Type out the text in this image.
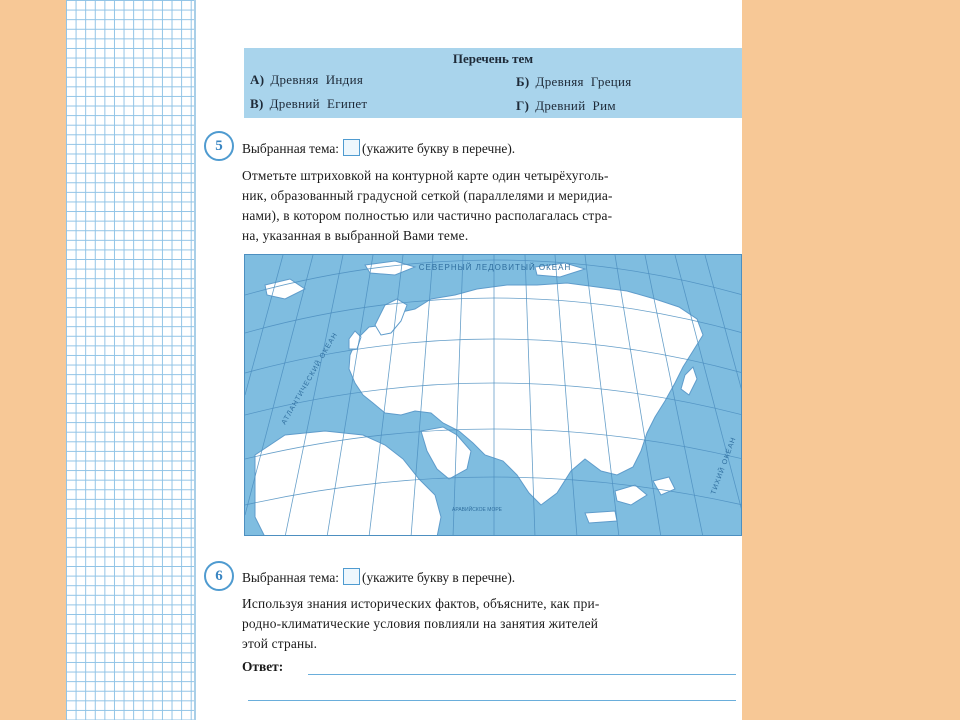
Перечень тем
А) Древняя  Индия	Б) Древняя  Греция
В) Древний  Египет	Г) Древний  Рим
5	Выбранная тема: (укажите букву в перечне).
Отметьте штриховкой на контурной карте один четырёхуголь-
ник, образованный градусной сеткой (параллелями и меридиа-
нами), в котором полностью или частично располагалась стра-
на, указанная в выбранной Вами теме.
СЕВЕРНЫЙ ЛЕДОВИТЫЙ ОКЕАН
АТЛАНТИЧЕСКИЙ ОКЕАН
ТИХИЙ ОКЕАН
АРАВИЙСКОЕ МОРЕ
6	Выбранная тема: (укажите букву в перечне).
Используя знания исторических фактов, объясните, как при-
родно-климатические условия повлияли на занятия жителей
этой страны.
Ответ:
